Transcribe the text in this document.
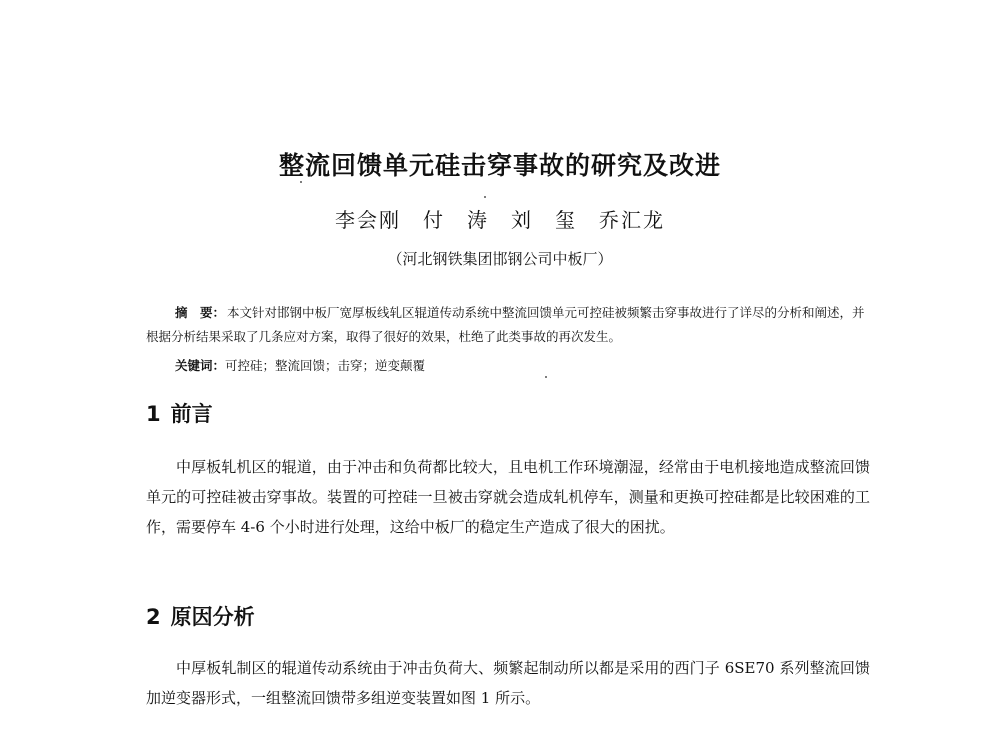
整流回馈单元硅击穿事故的研究及改进
李会刚　付　涛　刘　玺　乔汇龙
（河北钢铁集团邯钢公司中板厂）
摘　要： 本文针对邯钢中板厂宽厚板线轧区辊道传动系统中整流回馈单元可控硅被频繁击穿事故进行了详尽的分析和阐述，并根据分析结果采取了几条应对方案，取得了很好的效果，杜绝了此类事故的再次发生。
关键词：可控硅；整流回馈；击穿；逆变颠覆
1 前言
中厚板轧机区的辊道，由于冲击和负荷都比较大，且电机工作环境潮湿，经常由于电机接地造成整流回馈单元的可控硅被击穿事故。装置的可控硅一旦被击穿就会造成轧机停车，测量和更换可控硅都是比较困难的工作，需要停车 4-6 个小时进行处理，这给中板厂的稳定生产造成了很大的困扰。
2 原因分析
中厚板轧制区的辊道传动系统由于冲击负荷大、频繁起制动所以都是采用的西门子 6SE70 系列整流回馈加逆变器形式，一组整流回馈带多组逆变装置如图 1 所示。
